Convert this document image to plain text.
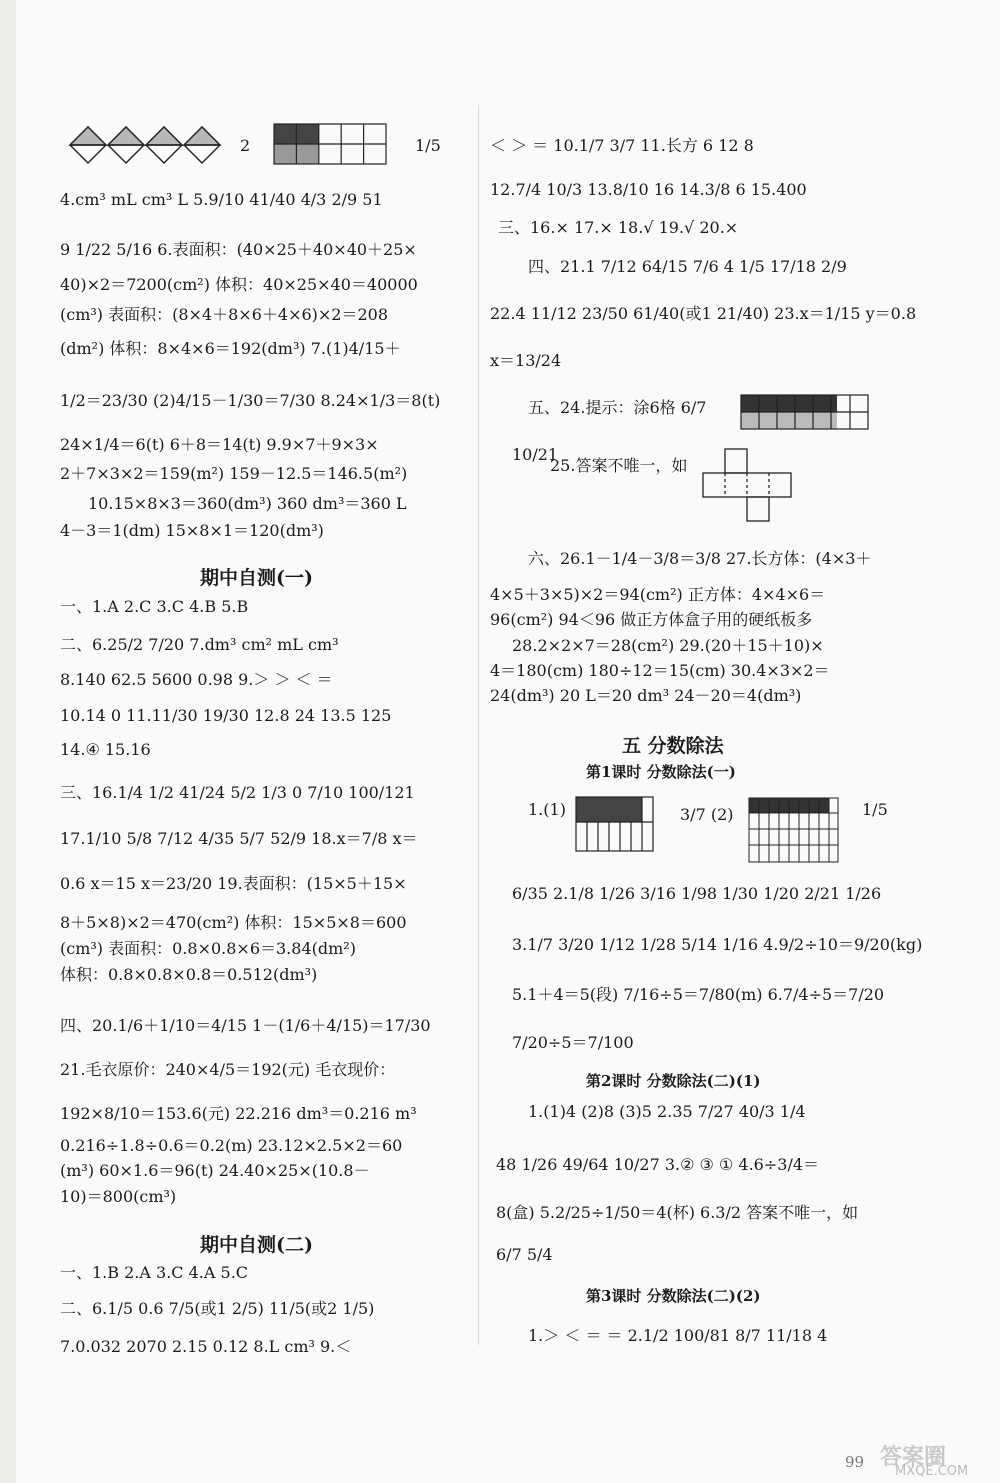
2	1/5
4.cm³ mL cm³ L 5.9/10 41/40 4/3 2/9 51
9 1/22 5/16 6.表面积：(40×25＋40×40＋25×
40)×2＝7200(cm²) 体积：40×25×40＝40000
(cm³) 表面积：(8×4＋8×6＋4×6)×2＝208
(dm²) 体积：8×4×6＝192(dm³) 7.(1)4/15＋
1/2＝23/30 (2)4/15－1/30＝7/30 8.24×1/3＝8(t)
24×1/4＝6(t) 6＋8＝14(t) 9.9×7＋9×3×
2＋7×3×2＝159(m²) 159－12.5＝146.5(m²)
10.15×8×3＝360(dm³) 360 dm³＝360 L
4－3＝1(dm) 15×8×1＝120(dm³)
期中自测(一)
一、1.A 2.C 3.C 4.B 5.B
二、6.25/2 7/20 7.dm³ cm² mL cm³
8.140 62.5 5600 0.98 9.＞ ＞ ＜ ＝
10.14 0 11.11/30 19/30 12.8 24 13.5 125
14.④ 15.16
三、16.1/4 1/2 41/24 5/2 1/3 0 7/10 100/121
17.1/10 5/8 7/12 4/35 5/7 52/9 18.x＝7/8 x＝
0.6 x＝15 x＝23/20 19.表面积：(15×5＋15×
8＋5×8)×2＝470(cm²) 体积：15×5×8＝600
(cm³) 表面积：0.8×0.8×6＝3.84(dm²)
体积：0.8×0.8×0.8＝0.512(dm³)
四、20.1/6＋1/10＝4/15 1－(1/6＋4/15)＝17/30
21.毛衣原价：240×4/5＝192(元) 毛衣现价：
192×8/10＝153.6(元) 22.216 dm³＝0.216 m³
0.216÷1.8÷0.6＝0.2(m) 23.12×2.5×2＝60
(m³) 60×1.6＝96(t) 24.40×25×(10.8－
10)＝800(cm³)
期中自测(二)
一、1.B 2.A 3.C 4.A 5.C
二、6.1/5 0.6 7/5(或1 2/5) 11/5(或2 1/5)
7.0.032 2070 2.15 0.12 8.L cm³ 9.＜
＜ ＞ ＝ 10.1/7 3/7 11.长方 6 12 8
12.7/4 10/3 13.8/10 16 14.3/8 6 15.400
三、16.× 17.× 18.√ 19.√ 20.×
四、21.1 7/12 64/15 7/6 4 1/5 17/18 2/9
22.4 11/12 23/50 61/40(或1 21/40) 23.x＝1/15 y＝0.8
x＝13/24
五、24.提示：涂6格 6/7
10/21
25.答案不唯一，如
六、26.1－1/4－3/8＝3/8 27.长方体：(4×3＋
4×5＋3×5)×2＝94(cm²) 正方体：4×4×6＝
96(cm²) 94＜96 做正方体盒子用的硬纸板多
28.2×2×7＝28(cm²) 29.(20＋15＋10)×
4＝180(cm) 180÷12＝15(cm) 30.4×3×2＝
24(dm³) 20 L＝20 dm³ 24－20＝4(dm³)
五 分数除法
第1课时 分数除法(一)
1.(1)	3/7 (2)	1/5
6/35 2.1/8 1/26 3/16 1/98 1/30 1/20 2/21 1/26
3.1/7 3/20 1/12 1/28 5/14 1/16 4.9/2÷10＝9/20(kg)
5.1＋4＝5(段) 7/16÷5＝7/80(m) 6.7/4÷5＝7/20
7/20÷5＝7/100
第2课时 分数除法(二)(1)
1.(1)4 (2)8 (3)5 2.35 7/27 40/3 1/4
48 1/26 49/64 10/27 3.② ③ ① 4.6÷3/4＝
8(盒) 5.2/25÷1/50＝4(杯) 6.3/2 答案不唯一，如
6/7 5/4
第3课时 分数除法(二)(2)
1.＞ ＜ ＝ ＝ 2.1/2 100/81 8/7 11/18 4
99 答案圈
MXQE.COM
